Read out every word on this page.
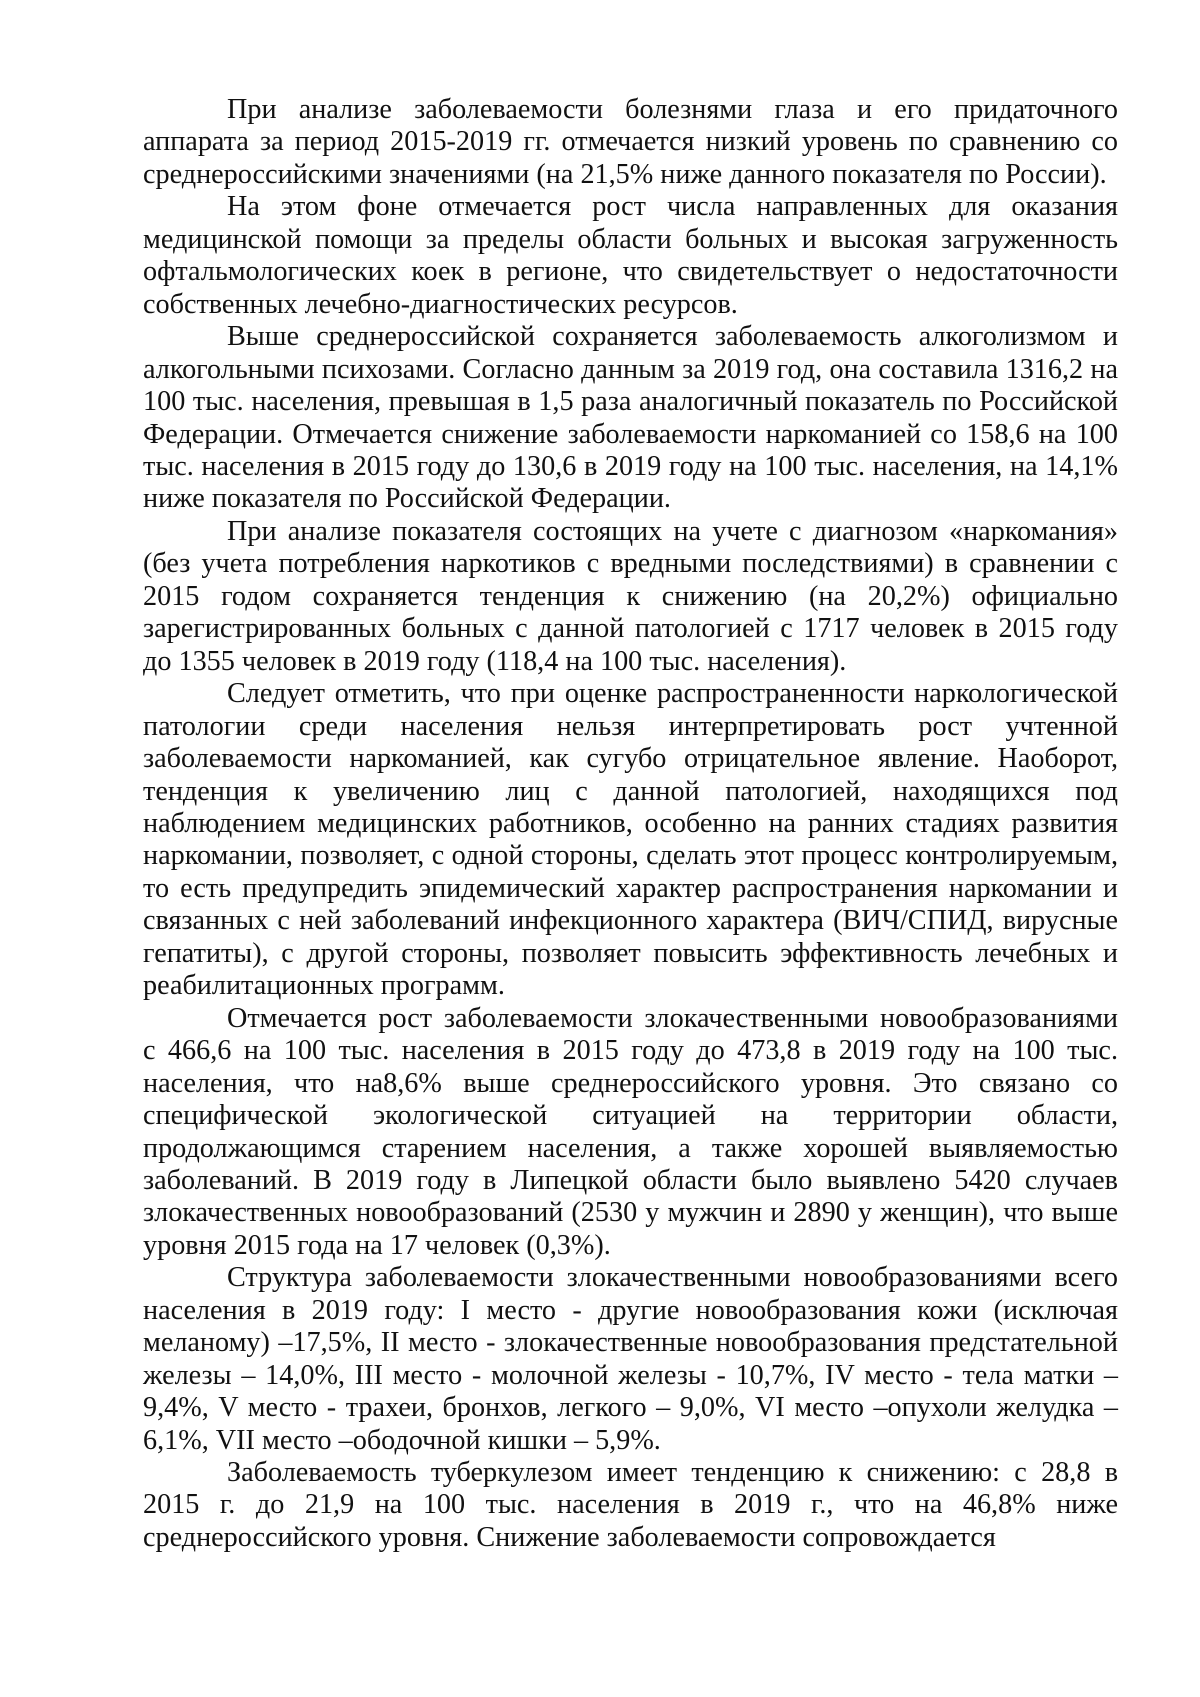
При анализе заболеваемости болезнями глаза и его придаточного аппарата за период 2015-2019 гг. отмечается низкий уровень по сравнению со среднероссийскими значениями (на 21,5% ниже данного показателя по России).

На этом фоне отмечается рост числа направленных для оказания медицинской помощи за пределы области больных и высокая загруженность офтальмологических коек в регионе, что свидетельствует о недостаточности собственных лечебно-диагностических ресурсов.

Выше среднероссийской сохраняется заболеваемость алкоголизмом и алкогольными психозами. Согласно данным за 2019 год, она составила 1316,2 на 100 тыс. населения, превышая в 1,5 раза аналогичный показатель по Российской Федерации. Отмечается снижение заболеваемости наркоманией со 158,6 на 100 тыс. населения в 2015 году до 130,6 в 2019 году на 100 тыс. населения, на 14,1% ниже показателя по Российской Федерации.

При анализе показателя состоящих на учете с диагнозом «наркомания» (без учета потребления наркотиков с вредными последствиями) в сравнении с 2015 годом сохраняется тенденция к снижению (на 20,2%) официально зарегистрированных больных с данной патологией с 1717 человек в 2015 году до 1355 человек в 2019 году (118,4 на 100 тыс. населения).

Следует отметить, что при оценке распространенности наркологической патологии среди населения нельзя интерпретировать рост учтенной заболеваемости наркоманией, как сугубо отрицательное явление. Наоборот, тенденция к увеличению лиц с данной патологией, находящихся под наблюдением медицинских работников, особенно на ранних стадиях развития наркомании, позволяет, с одной стороны, сделать этот процесс контролируемым, то есть предупредить эпидемический характер распространения наркомании и связанных с ней заболеваний инфекционного характера (ВИЧ/СПИД, вирусные гепатиты), с другой стороны, позволяет повысить эффективность лечебных и реабилитационных программ.

Отмечается рост заболеваемости злокачественными новообразованиями с 466,6 на 100 тыс. населения в 2015 году до 473,8 в 2019 году на 100 тыс. населения, что на8,6% выше среднероссийского уровня. Это связано со специфической экологической ситуацией на территории области, продолжающимся старением населения, а также хорошей выявляемостью заболеваний. В 2019 году в Липецкой области было выявлено 5420 случаев злокачественных новообразований (2530 у мужчин и 2890 у женщин), что выше уровня 2015 года на 17 человек (0,3%).

Структура заболеваемости злокачественными новообразованиями всего населения в 2019 году: I место - другие новообразования кожи (исключая меланому) –17,5%, II место - злокачественные новообразования предстательной железы – 14,0%, III место - молочной железы - 10,7%, IV место - тела матки – 9,4%, V место - трахеи, бронхов, легкого – 9,0%, VI место –опухоли желудка – 6,1%, VII место –ободочной кишки – 5,9%.

Заболеваемость туберкулезом имеет тенденцию к снижению: с 28,8 в 2015 г. до 21,9 на 100 тыс. населения в 2019 г., что на 46,8% ниже среднероссийского уровня. Снижение заболеваемости сопровождается
